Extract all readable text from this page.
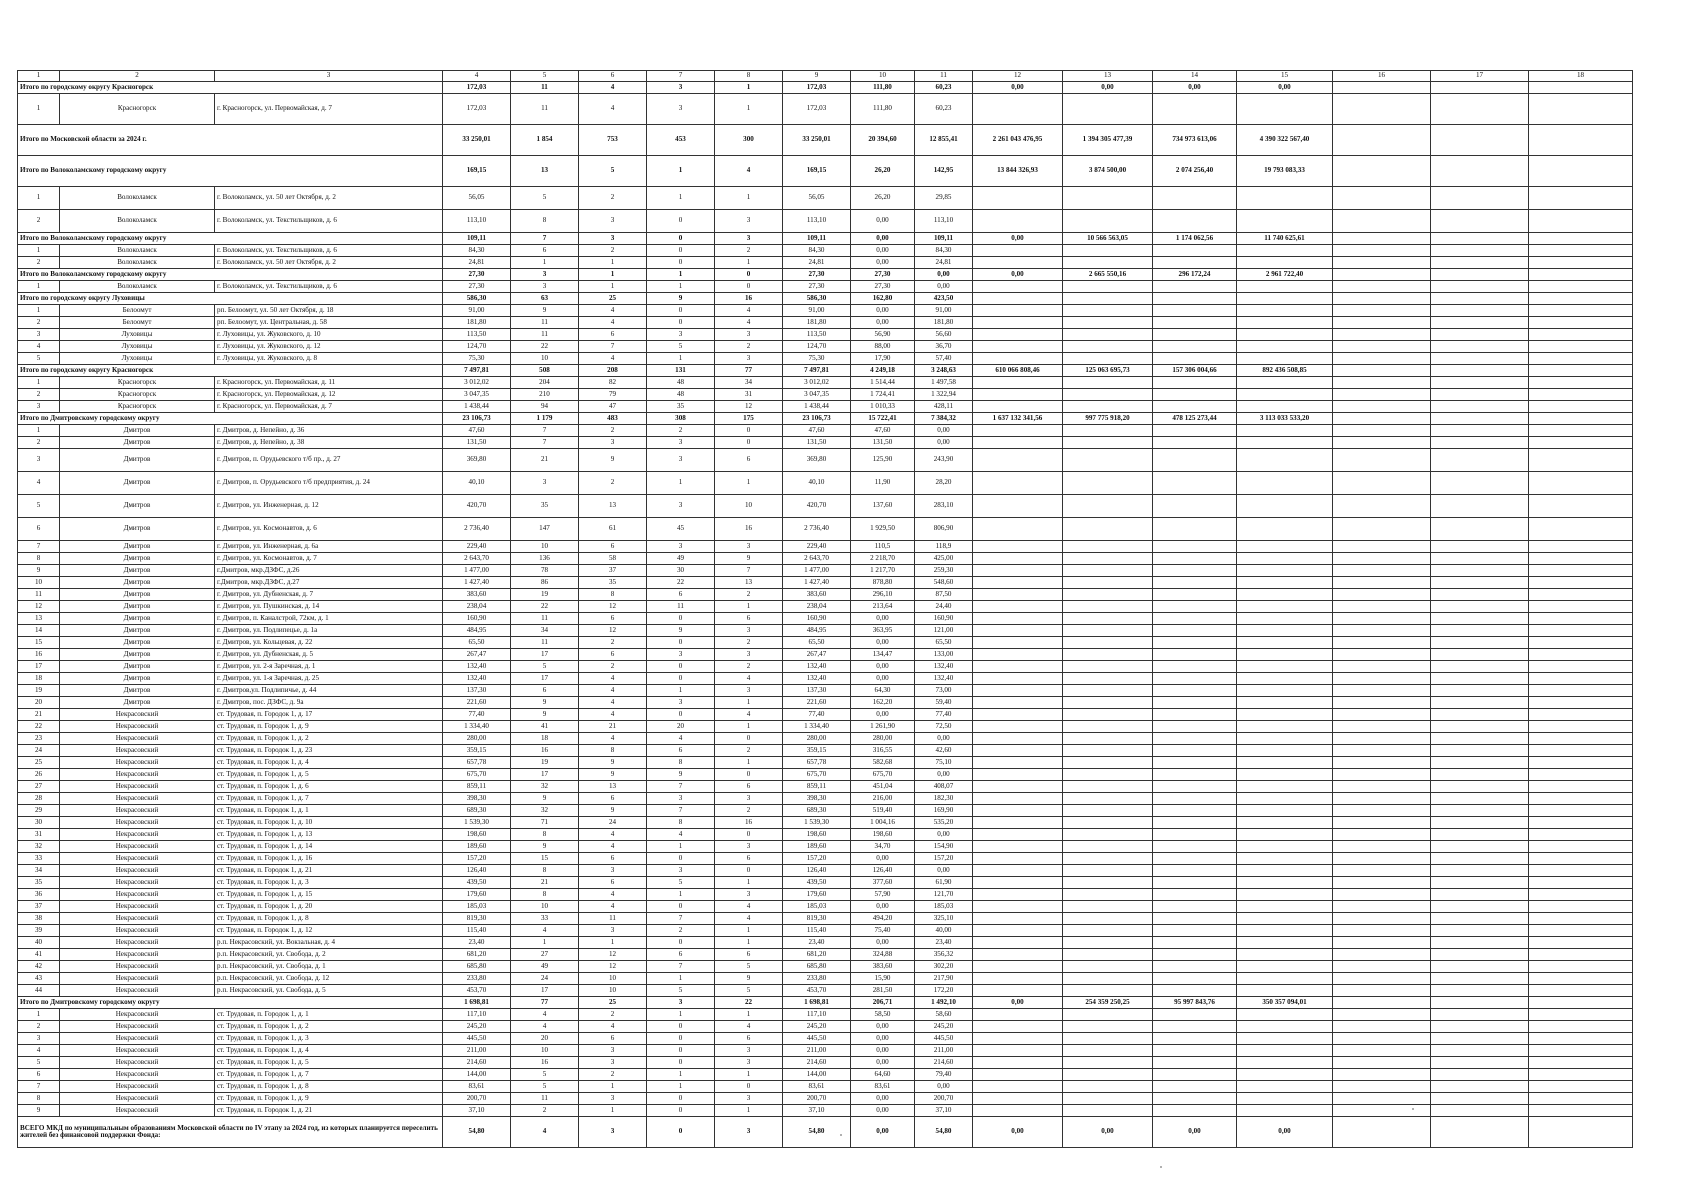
1	2	3	4	5	6	7	8	9	10	11	12	13	14	15	16	17	18
Итого по городскому округу Красногорск			172,03	11	4	3	1	172,03	111,80	60,23	0,00	0,00	0,00	0,00			
1	Красногорск	г. Красногорск, ул. Первомайская, д. 7	172,03	11	4	3	1	172,03	111,80	60,23							
Итого по Московской области за 2024 г.			33 250,01	1 854	753	453	300	33 250,01	20 394,60	12 855,41	2 261 043 476,95	1 394 305 477,39	734 973 613,06	4 390 322 567,40			
Итого по Волоколамскому городскому округу			169,15	13	5	1	4	169,15	26,20	142,95	13 844 326,93	3 874 500,00	2 074 256,40	19 793 083,33			
1	Волоколамск	г. Волоколамск, ул. 50 лет Октября, д. 2	56,05	5	2	1	1	56,05	26,20	29,85							
2	Волоколамск	г. Волоколамск, ул. Текстильщиков, д. 6	113,10	8	3	0	3	113,10	0,00	113,10							
Итого по Волоколамскому городскому округу			109,11	7	3	0	3	109,11	0,00	109,11	0,00	10 566 563,05	1 174 062,56	11 740 625,61			
1	Волоколамск	г. Волоколамск, ул. Текстильщиков, д. 6	84,30	6	2	0	2	84,30	0,00	84,30							
2	Волоколамск	г. Волоколамск, ул. 50 лет Октября, д. 2	24,81	1	1	0	1	24,81	0,00	24,81							
Итого по Волоколамскому городскому округу			27,30	3	1	1	0	27,30	27,30	0,00	0,00	2 665 550,16	296 172,24	2 961 722,40			
1	Волоколамск	г. Волоколамск, ул. Текстильщиков, д. 6	27,30	3	1	1	0	27,30	27,30	0,00							
Итого по городскому округу Луховицы			586,30	63	25	9	16	586,30	162,80	423,50							
1	Белоомут	рп. Белоомут, ул. 50 лет Октября, д. 18	91,00	9	4	0	4	91,00	0,00	91,00							
2	Белоомут	рп. Белоомут, ул. Центральная, д. 58	181,80	11	4	0	4	181,80	0,00	181,80							
3	Луховицы	г. Луховицы, ул. Жуковского, д. 10	113,50	11	6	3	3	113,50	56,90	56,60							
4	Луховицы	г. Луховицы, ул. Жуковского, д. 12	124,70	22	7	5	2	124,70	88,00	36,70							
5	Луховицы	г. Луховицы, ул. Жуковского, д. 8	75,30	10	4	1	3	75,30	17,90	57,40							
Итого по городскому округу Красногорск			7 497,81	508	208	131	77	7 497,81	4 249,18	3 248,63	610 066 808,46	125 063 695,73	157 306 004,66	892 436 508,85			
1	Красногорск	г. Красногорск, ул. Первомайская, д. 11	3 012,02	204	82	48	34	3 012,02	1 514,44	1 497,58							
2	Красногорск	г. Красногорск, ул. Первомайская, д. 12	3 047,35	210	79	48	31	3 047,35	1 724,41	1 322,94							
3	Красногорск	г. Красногорск, ул. Первомайская, д. 7	1 438,44	94	47	35	12	1 438,44	1 010,33	428,11							
Итого по Дмитровскому городскому округу			23 106,73	1 179	483	308	175	23 106,73	15 722,41	7 384,32	1 637 132 341,56	997 775 918,20	478 125 273,44	3 113 033 533,20			
1	Дмитров	г. Дмитров, д. Непейно, д. 36	47,60	7	2	2	0	47,60	47,60	0,00							
2	Дмитров	г. Дмитров, д. Непейно, д. 38	131,50	7	3	3	0	131,50	131,50	0,00							
3	Дмитров	г. Дмитров, п. Орудьевского т/б пр., д. 27	369,80	21	9	3	6	369,80	125,90	243,90							
4	Дмитров	г. Дмитров, п. Орудьевского т/б предприятия, д. 24	40,10	3	2	1	1	40,10	11,90	28,20							
5	Дмитров	г. Дмитров, ул. Инженерная, д. 12	420,70	35	13	3	10	420,70	137,60	283,10							
6	Дмитров	г. Дмитров, ул. Космонавтов, д. 6	2 736,40	147	61	45	16	2 736,40	1 929,50	806,90							
7	Дмитров	г. Дмитров, ул. Инженерная, д. 6а	229,40	10	6	3	3	229,40	110,5	118,9							
8	Дмитров	г. Дмитров, ул. Космонавтов, д. 7	2 643,70	136	58	49	9	2 643,70	2 218,70	425,00							
9	Дмитров	г.Дмитров, мкр.ДЗФС, д.26	1 477,00	78	37	30	7	1 477,00	1 217,70	259,30							
10	Дмитров	г.Дмитров, мкр.ДЗФС, д.27	1 427,40	86	35	22	13	1 427,40	878,80	548,60							
11	Дмитров	г. Дмитров, ул. Дубненская, д. 7	383,60	19	8	6	2	383,60	296,10	87,50							
12	Дмитров	г. Дмитров, ул. Пушкинская, д. 14	238,04	22	12	11	1	238,04	213,64	24,40							
13	Дмитров	г. Дмитров, п. Каналстрой, 72км, д. 1	160,90	11	6	0	6	160,90	0,00	160,90							
14	Дмитров	г. Дмитров, ул. Подлипецье, д. 1а	484,95	34	12	9	3	484,95	363,95	121,00							
15	Дмитров	г. Дмитров, ул. Кольцевая, д. 22	65,50	11	2	0	2	65,50	0,00	65,50							
16	Дмитров	г. Дмитров, ул. Дубненская, д. 5	267,47	17	6	3	3	267,47	134,47	133,00							
17	Дмитров	г. Дмитров, ул. 2-я Заречная, д. 1	132,40	5	2	0	2	132,40	0,00	132,40							
18	Дмитров	г. Дмитров, ул. 1-я Заречная, д. 25	132,40	17	4	0	4	132,40	0,00	132,40							
19	Дмитров	г. Дмитров,ул. Подлипичье, д. 44	137,30	6	4	1	3	137,30	64,30	73,00							
20	Дмитров	г. Дмитров, пос. ДЗФС, д. 9а	221,60	9	4	3	1	221,60	162,20	59,40							
21	Некрасовский	ст. Трудовая, п. Городок 1, д. 17	77,40	9	4	0	4	77,40	0,00	77,40							
22	Некрасовский	ст. Трудовая, п. Городок 1, д. 9	1 334,40	41	21	20	1	1 334,40	1 261,90	72,50							
23	Некрасовский	ст. Трудовая, п. Городок 1, д. 2	280,00	18	4	4	0	280,00	280,00	0,00							
24	Некрасовский	ст. Трудовая, п. Городок 1, д. 23	359,15	16	8	6	2	359,15	316,55	42,60							
25	Некрасовский	ст. Трудовая, п. Городок 1, д. 4	657,78	19	9	8	1	657,78	582,68	75,10							
26	Некрасовский	ст. Трудовая, п. Городок 1, д. 5	675,70	17	9	9	0	675,70	675,70	0,00							
27	Некрасовский	ст. Трудовая, п. Городок 1, д. 6	859,11	32	13	7	6	859,11	451,04	408,07							
28	Некрасовский	ст. Трудовая, п. Городок 1, д. 7	398,30	9	6	3	3	398,30	216,00	182,30							
29	Некрасовский	ст. Трудовая, п. Городок 1, д. 1	689,30	32	9	7	2	689,30	519,40	169,90							
30	Некрасовский	ст. Трудовая, п. Городок 1, д. 10	1 539,30	71	24	8	16	1 539,30	1 004,16	535,20							
31	Некрасовский	ст. Трудовая, п. Городок 1, д. 13	198,60	8	4	4	0	198,60	198,60	0,00							
32	Некрасовский	ст. Трудовая, п. Городок 1, д. 14	189,60	9	4	1	3	189,60	34,70	154,90							
33	Некрасовский	ст. Трудовая, п. Городок 1, д. 16	157,20	15	6	0	6	157,20	0,00	157,20							
34	Некрасовский	ст. Трудовая, п. Городок 1, д. 21	126,40	8	3	3	0	126,40	126,40	0,00							
35	Некрасовский	ст. Трудовая, п. Городок 1, д. 3	439,50	21	6	5	1	439,50	377,60	61,90							
36	Некрасовский	ст. Трудовая, п. Городок 1, д. 15	179,60	8	4	1	3	179,60	57,90	121,70							
37	Некрасовский	ст. Трудовая, п. Городок 1, д. 20	185,03	10	4	0	4	185,03	0,00	185,03							
38	Некрасовский	ст. Трудовая, п. Городок 1, д. 8	819,30	33	11	7	4	819,30	494,20	325,10							
39	Некрасовский	ст. Трудовая, п. Городок 1, д. 12	115,40	4	3	2	1	115,40	75,40	40,00							
40	Некрасовский	р.п. Некрасовский, ул. Вокзальная, д. 4	23,40	1	1	0	1	23,40	0,00	23,40							
41	Некрасовский	р.п. Некрасовский, ул. Свобода, д. 2	681,20	27	12	6	6	681,20	324,88	356,32							
42	Некрасовский	р.п. Некрасовский, ул. Свобода, д. 1	685,80	49	12	7	5	685,80	383,60	302,20							
43	Некрасовский	р.п. Некрасовский, ул. Свобода, д. 12	233,80	24	10	1	9	233,80	15,90	217,90							
44	Некрасовский	р.п. Некрасовский, ул. Свобода, д. 5	453,70	17	10	5	5	453,70	281,50	172,20							
Итого по Дмитровскому городскому округу			1 698,81	77	25	3	22	1 698,81	206,71	1 492,10	0,00	254 359 250,25	95 997 843,76	350 357 094,01			
1	Некрасовский	ст. Трудовая, п. Городок 1, д. 1	117,10	4	2	1	1	117,10	58,50	58,60							
2	Некрасовский	ст. Трудовая, п. Городок 1, д. 2	245,20	4	4	0	4	245,20	0,00	245,20							
3	Некрасовский	ст. Трудовая, п. Городок 1, д. 3	445,50	20	6	0	6	445,50	0,00	445,50							
4	Некрасовский	ст. Трудовая, п. Городок 1, д. 4	211,00	10	3	0	3	211,00	0,00	211,00							
5	Некрасовский	ст. Трудовая, п. Городок 1, д. 5	214,60	16	3	0	3	214,60	0,00	214,60							
6	Некрасовский	ст. Трудовая, п. Городок 1, д. 7	144,00	5	2	1	1	144,00	64,60	79,40							
7	Некрасовский	ст. Трудовая, п. Городок 1, д. 8	83,61	5	1	1	0	83,61	83,61	0,00							
8	Некрасовский	ст. Трудовая, п. Городок 1, д. 9	200,70	11	3	0	3	200,70	0,00	200,70							
9	Некрасовский	ст. Трудовая, п. Городок 1, д. 21	37,10	2	1	0	1	37,10	0,00	37,10							
ВСЕГО МКД по муниципальным образованиям Московской области по IV этапу за 2024 год, из которых планируется переселить жителей без финансовой поддержки Фонда:			54,80	4	3	0	3	54,80	0,00	54,80	0,00	0,00	0,00	0,00			
